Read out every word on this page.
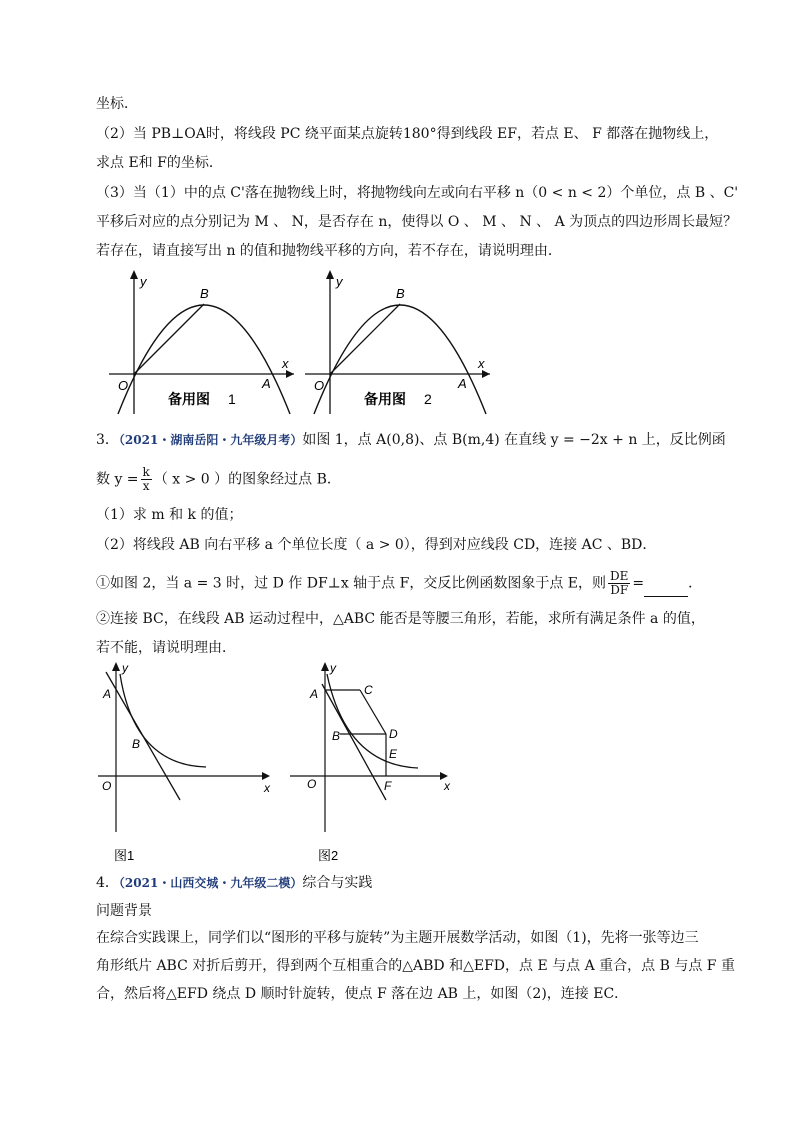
坐标．
（2）当 PB⊥OA时，将线段 PC 绕平面某点旋转180°得到线段 EF，若点 E、 F 都落在抛物线上，
求点 E和 F的坐标．
（3）当（1）中的点 C'落在抛物线上时，将抛物线向左或向右平移 n（0 < n < 2）个单位，点 B 、C'
平移后对应的点分别记为 M 、 N，是否存在 n，使得以 O 、 M 、 N 、 A 为顶点的四边形周长最短？
若存在，请直接写出 n 的值和抛物线平移的方向，若不存在，请说明理由．
y
x
O	A
B
备用图 1
y
x
O	A
B
备用图 2
3．（2021・湖南岳阳・九年级月考）如图 1，点 A(0,8)、点 B(m,4) 在直线 y = −2x + n 上，反比例函
数 $y = \frac{k}{x}$ （ x > 0 ）的图象经过点 B．
（1）求 m 和 k 的值；
（2）将线段 AB 向右平移 a 个单位长度（ a > 0），得到对应线段 CD，连接 AC 、BD．
①如图 2，当 a = 3 时，过 D 作 DF⊥x 轴于点 F，交反比例函数图象于点 E，则 $\frac{DE}{DF}$ =	．
②连接 BC，在线段 AB 运动过程中，△ABC 能否是等腰三角形，若能，求所有满足条件 a 的值，
若不能，请说明理由．
y
x
O
A
B
图1
y
x
O
A
B
C
D
E
F
图2
4．（2021・山西交城・九年级二模）综合与实践
问题背景
在综合实践课上，同学们以“图形的平移与旋转”为主题开展数学活动，如图（1)，先将一张等边三
角形纸片 ABC 对折后剪开，得到两个互相重合的△ABD 和△EFD，点 E 与点 A 重合，点 B 与点 F 重
合，然后将△EFD 绕点 D 顺时针旋转，使点 F 落在边 AB 上，如图（2)，连接 EC．
